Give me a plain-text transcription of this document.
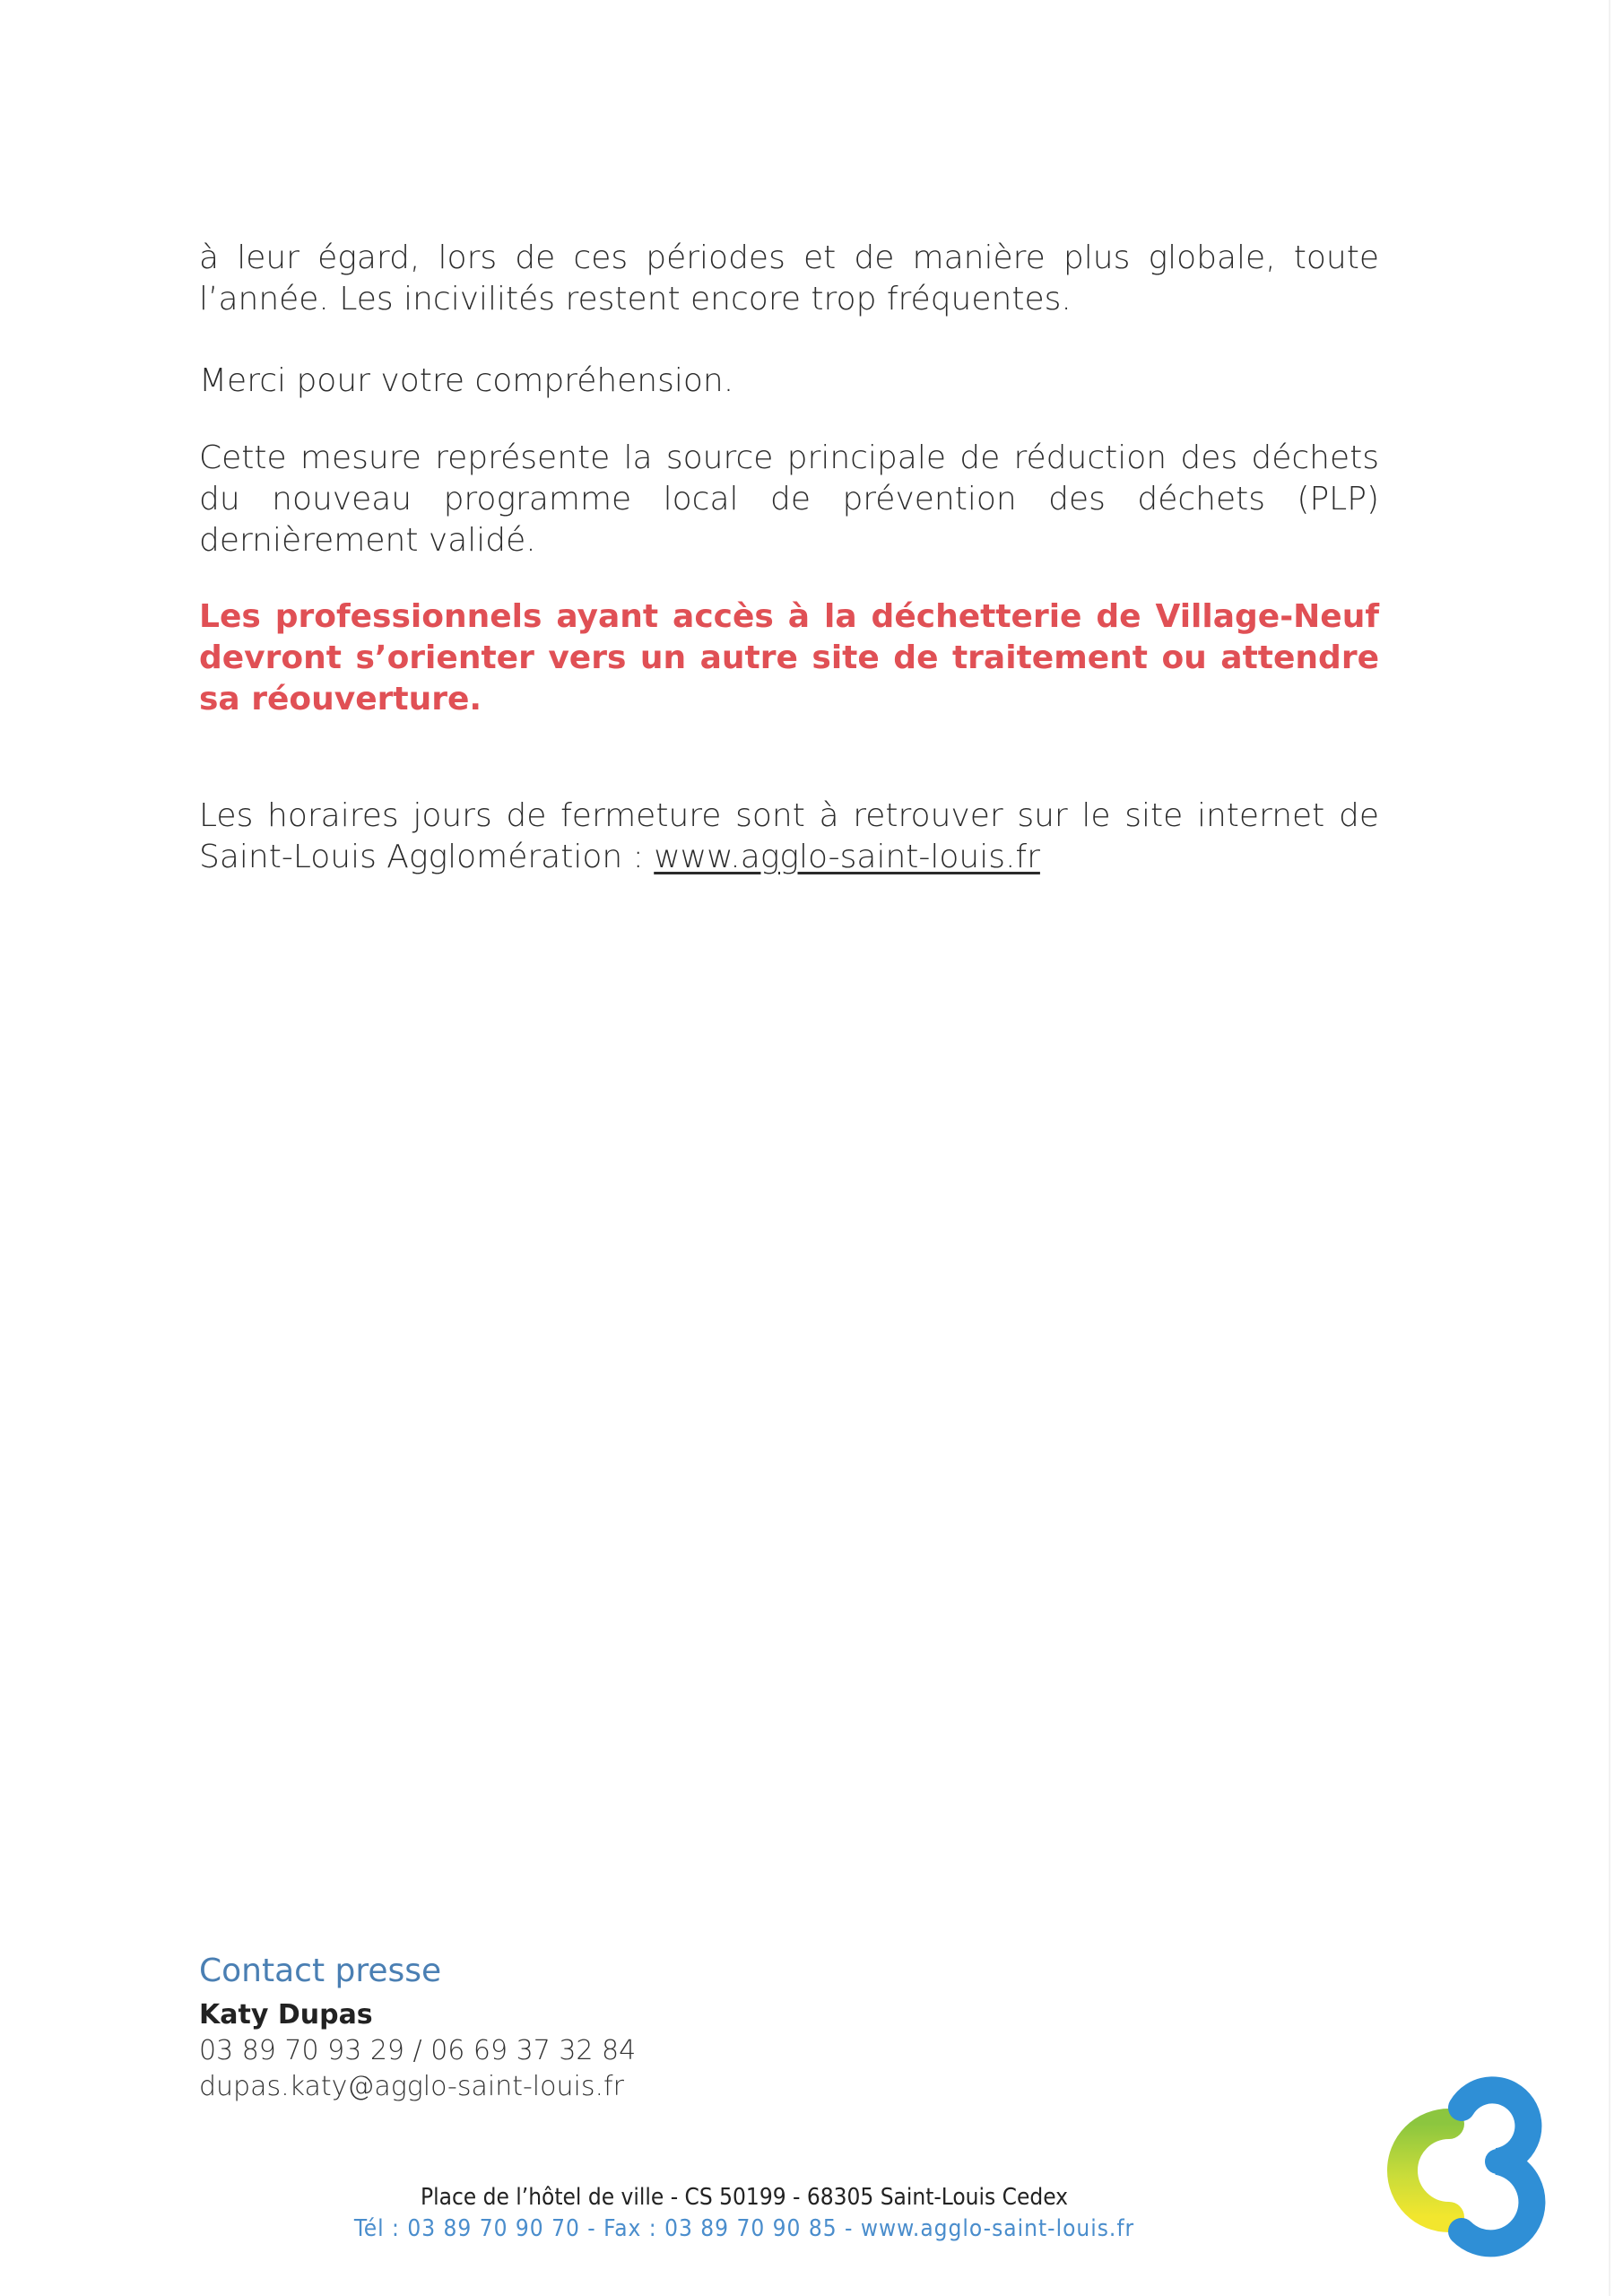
à leur égard, lors de ces périodes et de manière plus globale, toute l’année. Les incivilités restent encore trop fréquentes.
Merci pour votre compréhension.
Cette mesure représente la source principale de réduction des déchets du nouveau programme local de prévention des déchets (PLP) dernièrement validé.
Les professionnels ayant accès à la déchetterie de Village-Neuf devront s’orienter vers un autre site de traitement ou attendre sa réouverture.
Les horaires jours de fermeture sont à retrouver sur le site internet de Saint-Louis Agglomération : www.agglo-saint-louis.fr
Contact presse
Katy Dupas
03 89 70 93 29 / 06 69 37 32 84
dupas.katy@agglo-saint-louis.fr
Place de l’hôtel de ville - CS 50199 - 68305 Saint-Louis Cedex
Tél : 03 89 70 90 70 - Fax : 03 89 70 90 85 - www.agglo-saint-louis.fr
